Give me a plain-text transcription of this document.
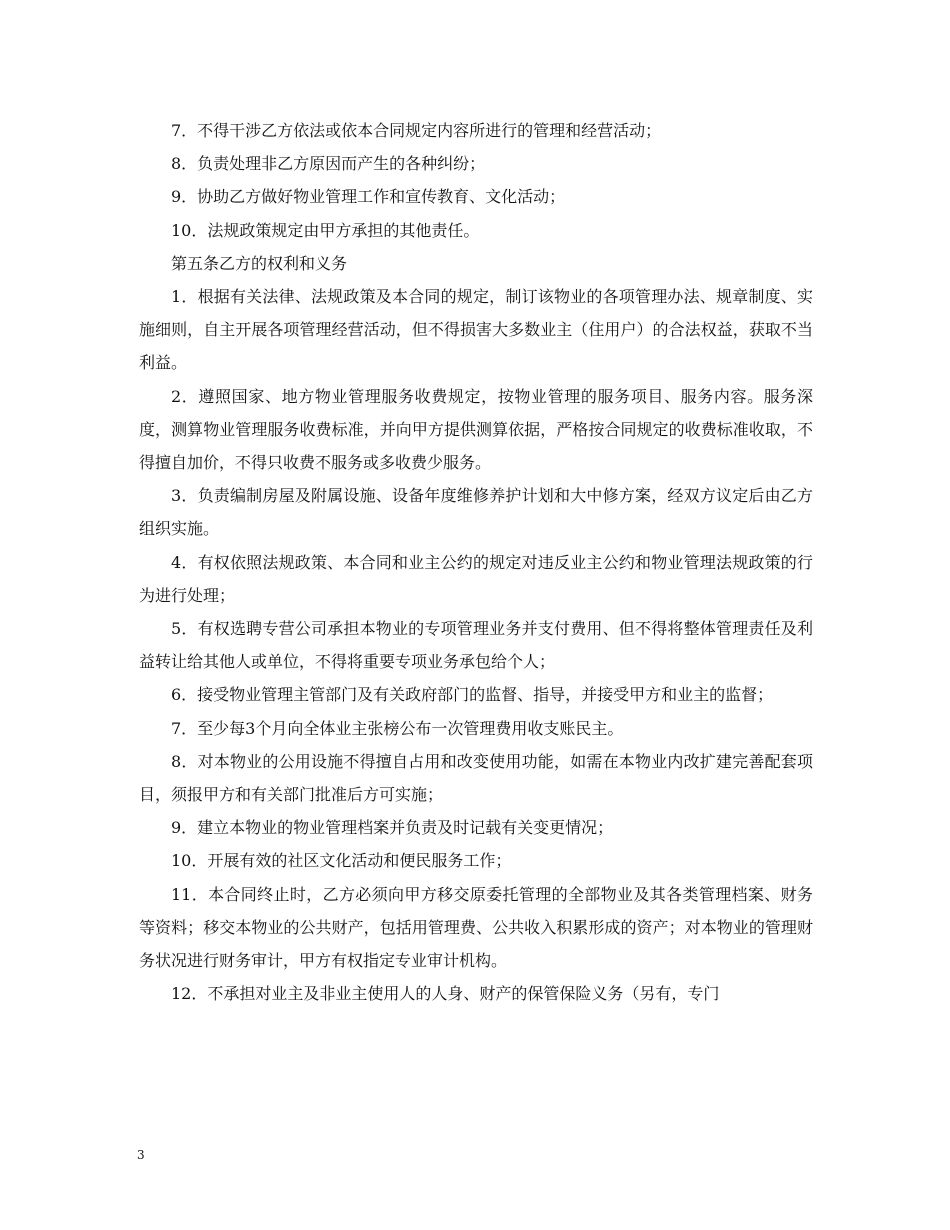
7．不得干涉乙方依法或依本合同规定内容所进行的管理和经营活动；

8．负责处理非乙方原因而产生的各种纠纷；

9．协助乙方做好物业管理工作和宣传教育、文化活动；

10．法规政策规定由甲方承担的其他责任。

第五条乙方的权利和义务

1．根据有关法律、法规政策及本合同的规定，制订该物业的各项管理办法、规章制度、实施细则，自主开展各项管理经营活动，但不得损害大多数业主（住用户）的合法权益，获取不当利益。

2．遵照国家、地方物业管理服务收费规定，按物业管理的服务项目、服务内容。服务深度，测算物业管理服务收费标准，并向甲方提供测算依据，严格按合同规定的收费标准收取，不得擅自加价，不得只收费不服务或多收费少服务。

3．负责编制房屋及附属设施、设备年度维修养护计划和大中修方案，经双方议定后由乙方组织实施。

4．有权依照法规政策、本合同和业主公约的规定对违反业主公约和物业管理法规政策的行为进行处理；

5．有权选聘专营公司承担本物业的专项管理业务并支付费用、但不得将整体管理责任及利益转让给其他人或单位，不得将重要专项业务承包给个人；

6．接受物业管理主管部门及有关政府部门的监督、指导，并接受甲方和业主的监督；

7．至少每3个月向全体业主张榜公布一次管理费用收支账民主。

8．对本物业的公用设施不得擅自占用和改变使用功能，如需在本物业内改扩建完善配套项目，须报甲方和有关部门批准后方可实施；

9．建立本物业的物业管理档案并负责及时记载有关变更情况；

10．开展有效的社区文化活动和便民服务工作；

11．本合同终止时，乙方必须向甲方移交原委托管理的全部物业及其各类管理档案、财务等资料；移交本物业的公共财产，包括用管理费、公共收入积累形成的资产；对本物业的管理财务状况进行财务审计，甲方有权指定专业审计机构。

12．不承担对业主及非业主使用人的人身、财产的保管保险义务（另有，专门

3
